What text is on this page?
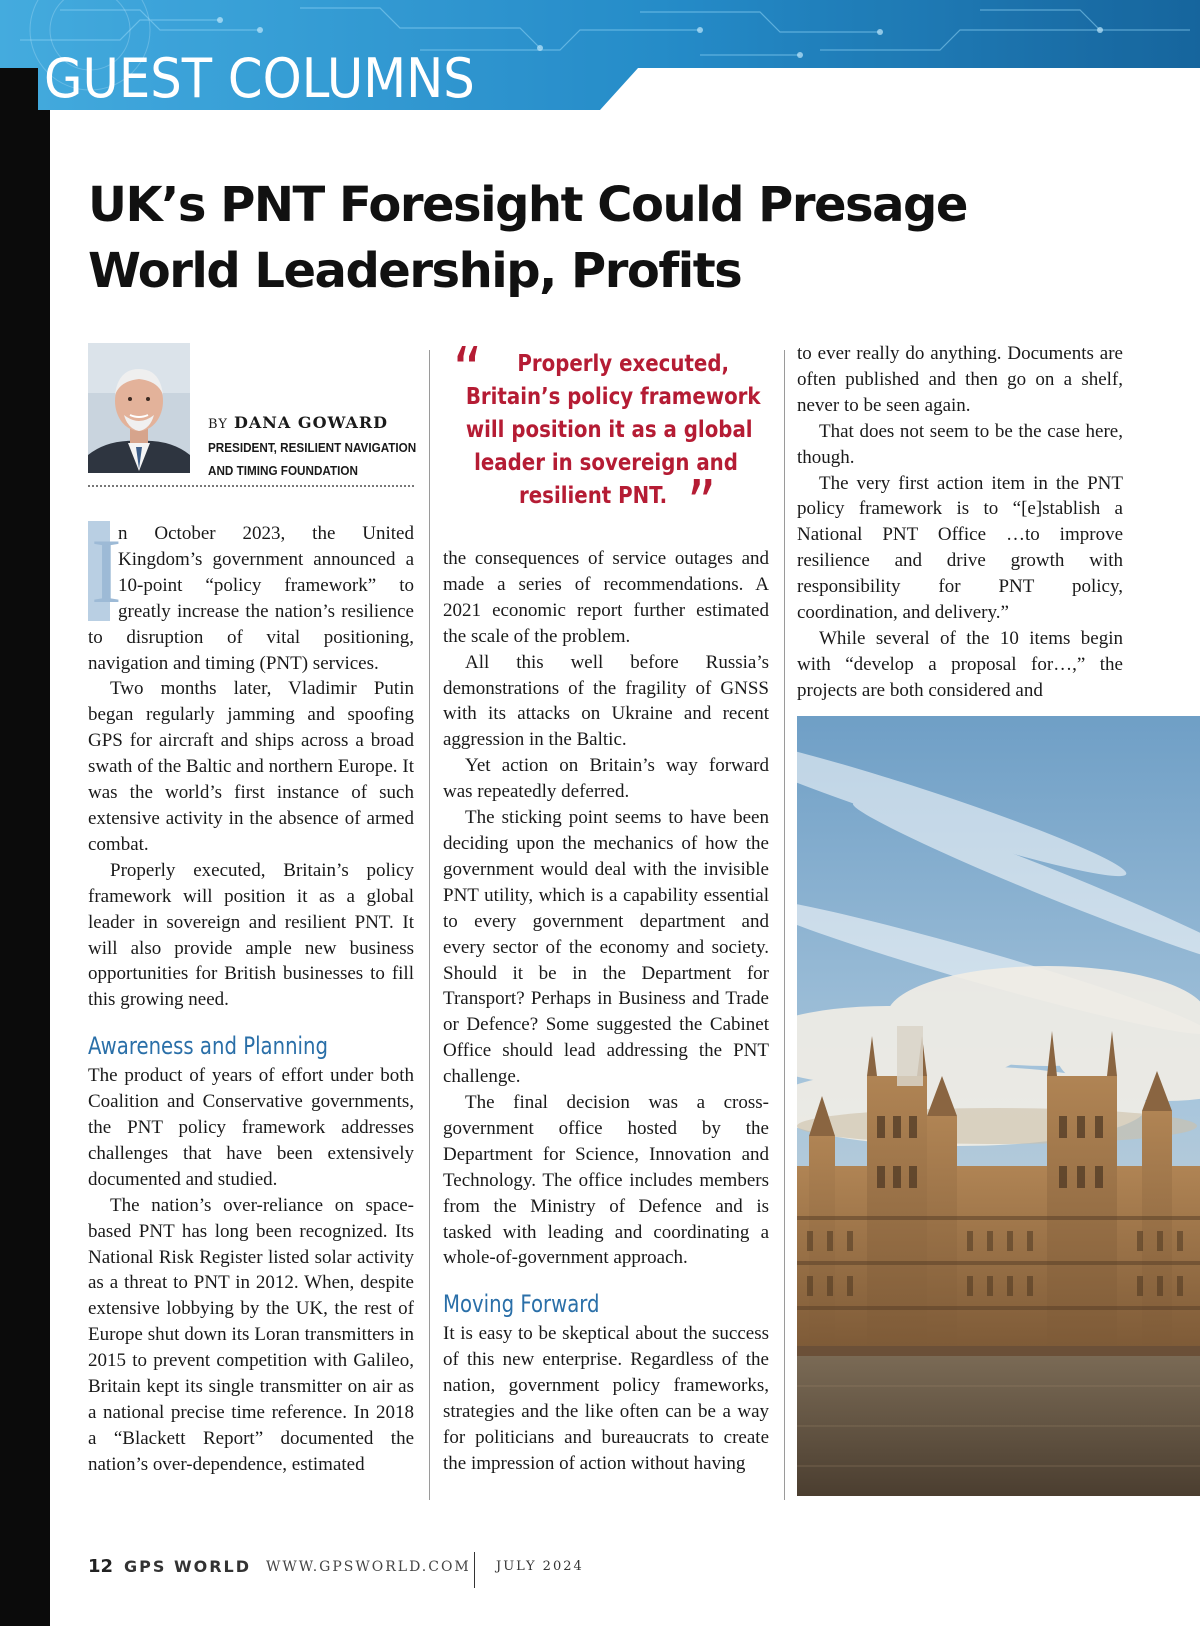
GUEST COLUMNS
UK’s PNT Foresight Could Presage
World Leadership, Profits
BY DANA GOWARD
PRESIDENT, RESILIENT NAVIGATION
AND TIMING FOUNDATION

I
n October 2023, the United Kingdom’s government announced a 10-point “policy framework” to greatly increase the nation’s resilience to disruption of vital positioning, navigation and timing (PNT) services.

Two months later, Vladimir Putin began regularly jamming and spoofing GPS for aircraft and ships across a broad swath of the Baltic and northern Europe. It was the world’s first instance of such extensive activity in the absence of armed combat.

Properly executed, Britain’s policy framework will position it as a global leader in sovereign and resilient PNT. It will also provide ample new business opportunities for British businesses to fill this growing need.

Awareness and Planning

The product of years of effort under both Coalition and Conservative governments, the PNT policy framework addresses challenges that have been extensively documented and studied.

The nation’s over-reliance on space-based PNT has long been recognized. Its National Risk Register listed solar activity as a threat to PNT in 2012. When, despite extensive lobbying by the UK, the rest of Europe shut down its Loran transmitters in 2015 to prevent competition with Galileo, Britain kept its single transmitter on air as a national precise time reference. In 2018 a “Blackett Report” documented the nation’s over-dependence, estimated

“	Properly executed,
Britain’s policy framework
will position it as a global
leader in sovereign and
resilient PNT. ”

the consequences of service outages and made a series of recommendations. A 2021 economic report further estimated the scale of the problem.

All this well before Russia’s demonstrations of the fragility of GNSS with its attacks on Ukraine and recent aggression in the Baltic.

Yet action on Britain’s way forward was repeatedly deferred.

The sticking point seems to have been deciding upon the mechanics of how the government would deal with the invisible PNT utility, which is a capability essential to every government department and every sector of the economy and society. Should it be in the Department for Transport? Perhaps in Business and Trade or Defence? Some suggested the Cabinet Office should lead addressing the PNT challenge.

The final decision was a cross-government office hosted by the Department for Science, Innovation and Technology. The office includes members from the Ministry of Defence and is tasked with leading and coordinating a whole-of-government approach.

Moving Forward

It is easy to be skeptical about the success of this new enterprise. Regardless of the nation, government policy frameworks, strategies and the like often can be a way for politicians and bureaucrats to create the impression of action without having

to ever really do anything. Documents are often published and then go on a shelf, never to be seen again.

That does not seem to be the case here, though.

The very first action item in the PNT policy framework is to “[e]stablish a National PNT Office …to improve resilience and drive growth with responsibility for PNT policy, coordination, and delivery.”

While several of the 10 items begin with “develop a proposal for…,” the projects are both considered and

12 GPS WORLD WWW.GPSWORLD.COM JULY 2024
